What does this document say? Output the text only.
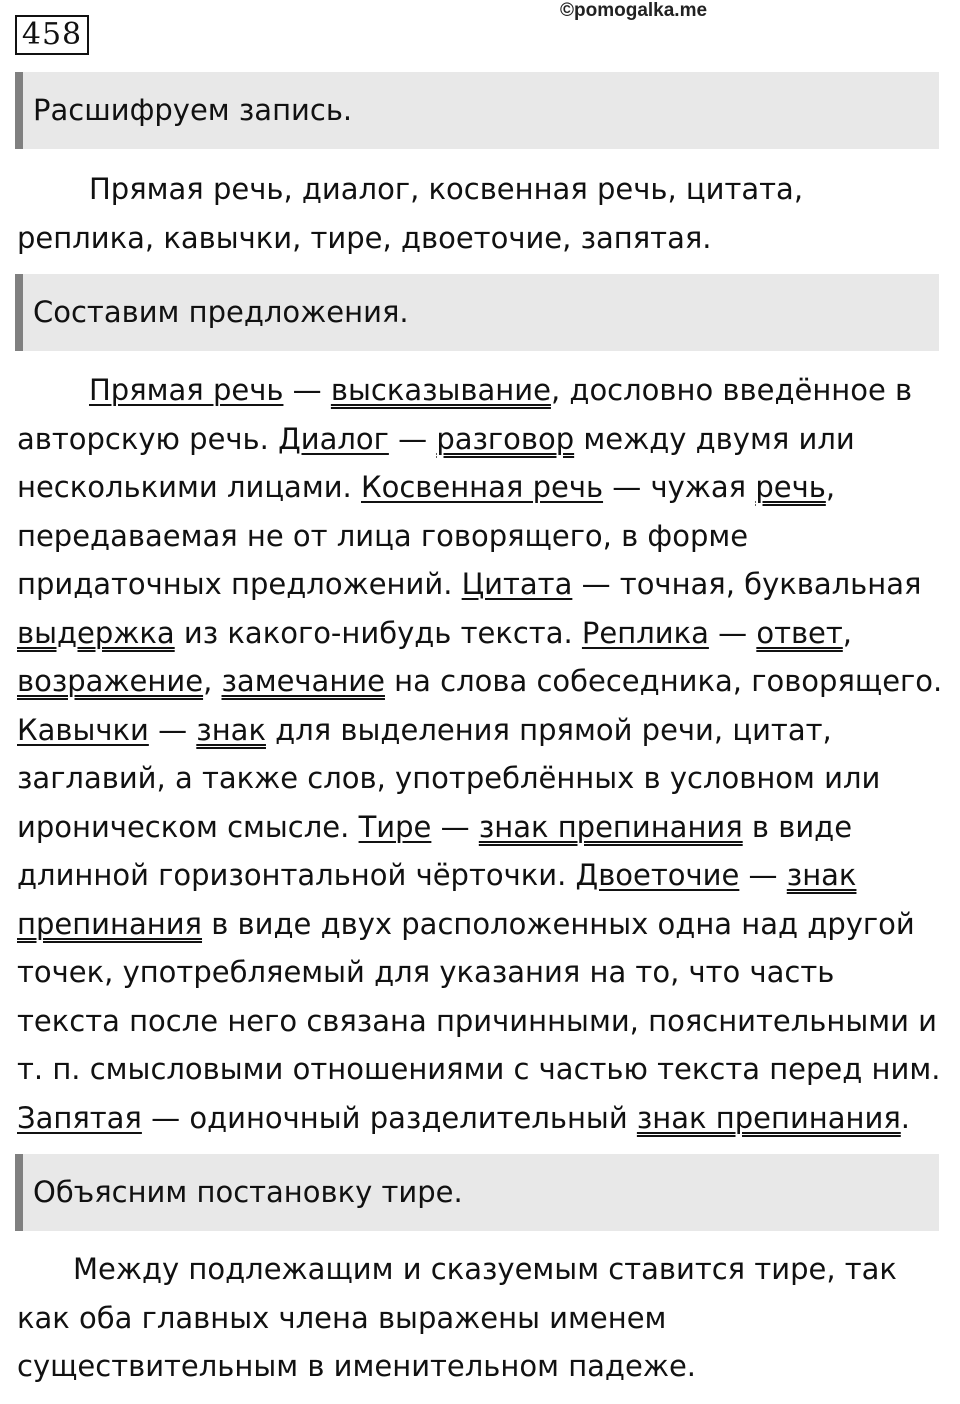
458
©pomogalka.me
Расшифруем запись.

Прямая речь, диалог, косвенная речь, цитата, реплика, кавычки, тире, двоеточие, запятая.

Составим предложения.

Прямая речь — высказывание, дословно введённое в авторскую речь. Диалог — разговор между двумя или несколькими лицами. Косвенная речь — чужая речь, передаваемая не от лица говорящего, в форме придаточных предложений. Цитата — точная, буквальная выдержка из какого-нибудь текста. Реплика — ответ, возражение, замечание на слова собеседника, говорящего. Кавычки — знак для выделения прямой речи, цитат, заглавий, а также слов, употреблённых в условном или ироническом смысле. Тире — знак препинания в виде длинной горизонтальной чёрточки. Двоеточие — знак препинания в виде двух расположенных одна над другой точек, употребляемый для указания на то, что часть текста после него связана причинными, пояснительными и т. п. смысловыми отношениями с частью текста перед ним. Запятая — одиночный разделительный знак препинания.

Объясним постановку тире.

Между подлежащим и сказуемым ставится тире, так как оба главных члена выражены именем существительным в именительном падеже.
